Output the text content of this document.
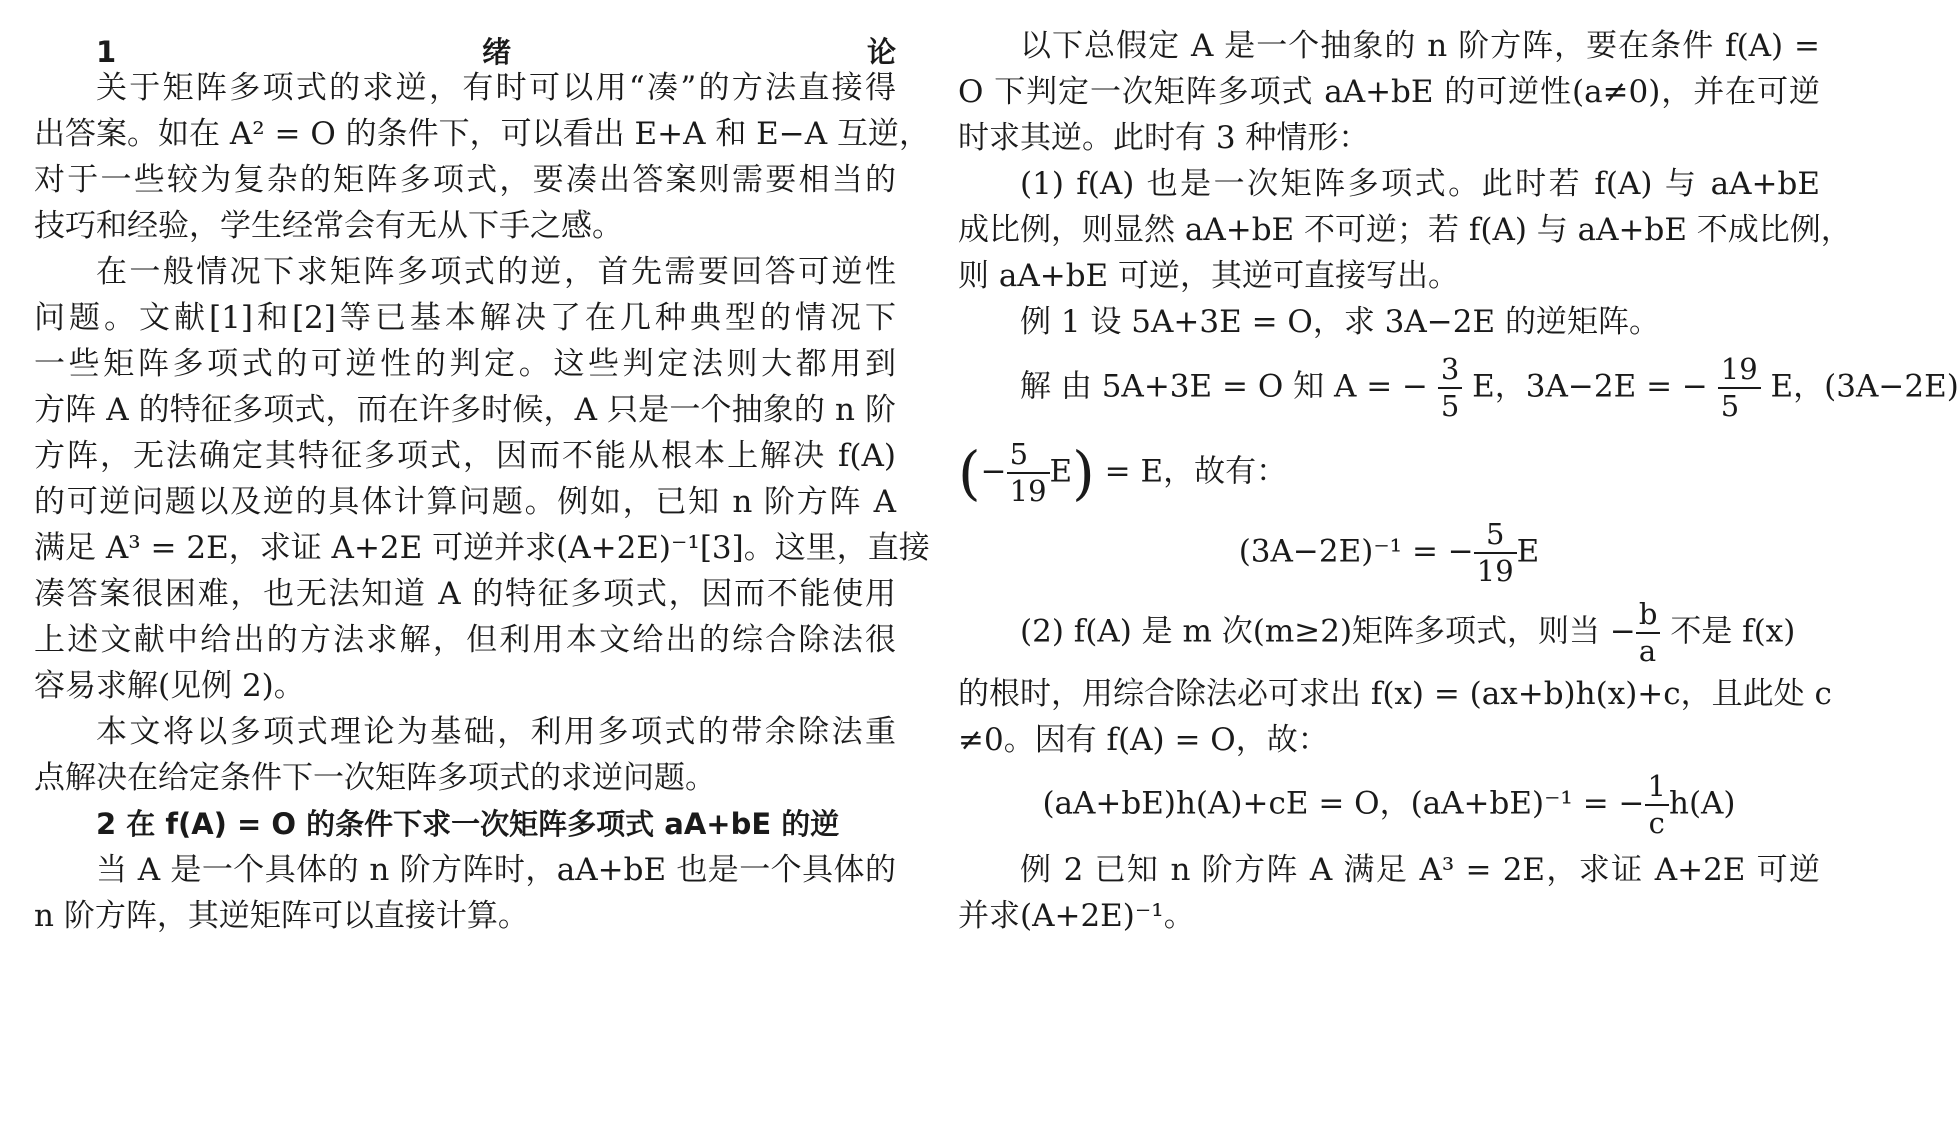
1 绪论
关于矩阵多项式的求逆，有时可以用“凑”的方法直接得
出答案。如在 A² = O 的条件下，可以看出 E+A 和 E−A 互逆，
对于一些较为复杂的矩阵多项式，要凑出答案则需要相当的
技巧和经验，学生经常会有无从下手之感。
在一般情况下求矩阵多项式的逆，首先需要回答可逆性
问题。文献[1]和[2]等已基本解决了在几种典型的情况下
一些矩阵多项式的可逆性的判定。这些判定法则大都用到
方阵 A 的特征多项式，而在许多时候，A 只是一个抽象的 n 阶
方阵，无法确定其特征多项式，因而不能从根本上解决 f(A)
的可逆问题以及逆的具体计算问题。例如，已知 n 阶方阵 A
满足 A³ = 2E，求证 A+2E 可逆并求(A+2E)⁻¹[3]。这里，直接
凑答案很困难，也无法知道 A 的特征多项式，因而不能使用
上述文献中给出的方法求解，但利用本文给出的综合除法很
容易求解(见例 2)。
本文将以多项式理论为基础，利用多项式的带余除法重
点解决在给定条件下一次矩阵多项式的求逆问题。
2 在 f(A) = O 的条件下求一次矩阵多项式 aA+bE 的逆
当 A 是一个具体的 n 阶方阵时，aA+bE 也是一个具体的
n 阶方阵，其逆矩阵可以直接计算。
以下总假定 A 是一个抽象的 n 阶方阵，要在条件 f(A) =
O 下判定一次矩阵多项式 aA+bE 的可逆性(a≠0)，并在可逆
时求其逆。此时有 3 种情形：
(1) f(A) 也是一次矩阵多项式。此时若 f(A) 与 aA+bE
成比例，则显然 aA+bE 不可逆；若 f(A) 与 aA+bE 不成比例，
则 aA+bE 可逆，其逆可直接写出。
例 1 设 5A+3E = O，求 3A−2E 的逆矩阵。
解 由 5A+3E = O 知 A = − $\frac{3}{5}$ E，3A−2E = − $\frac{19}{5}$ E，(3A−2E)
(− $\frac{5}{19} E) = E$，故有：
(3A−2E)⁻¹ = − $\frac{5}{19}$ E
(2) f(A) 是 m 次(m≥2)矩阵多项式，则当 − $\frac{b}{a}$ 不是 f(x)
的根时，用综合除法必可求出 f(x) = (ax+b)h(x)+c，且此处 c
≠0。因有 f(A) = O，故：
(aA+bE)h(A)+cE = O，(aA+bE)⁻¹ = − $\frac{1}{c} h(A)$
例 2 已知 n 阶方阵 A 满足 A³ = 2E，求证 A+2E 可逆
并求(A+2E)⁻¹。
